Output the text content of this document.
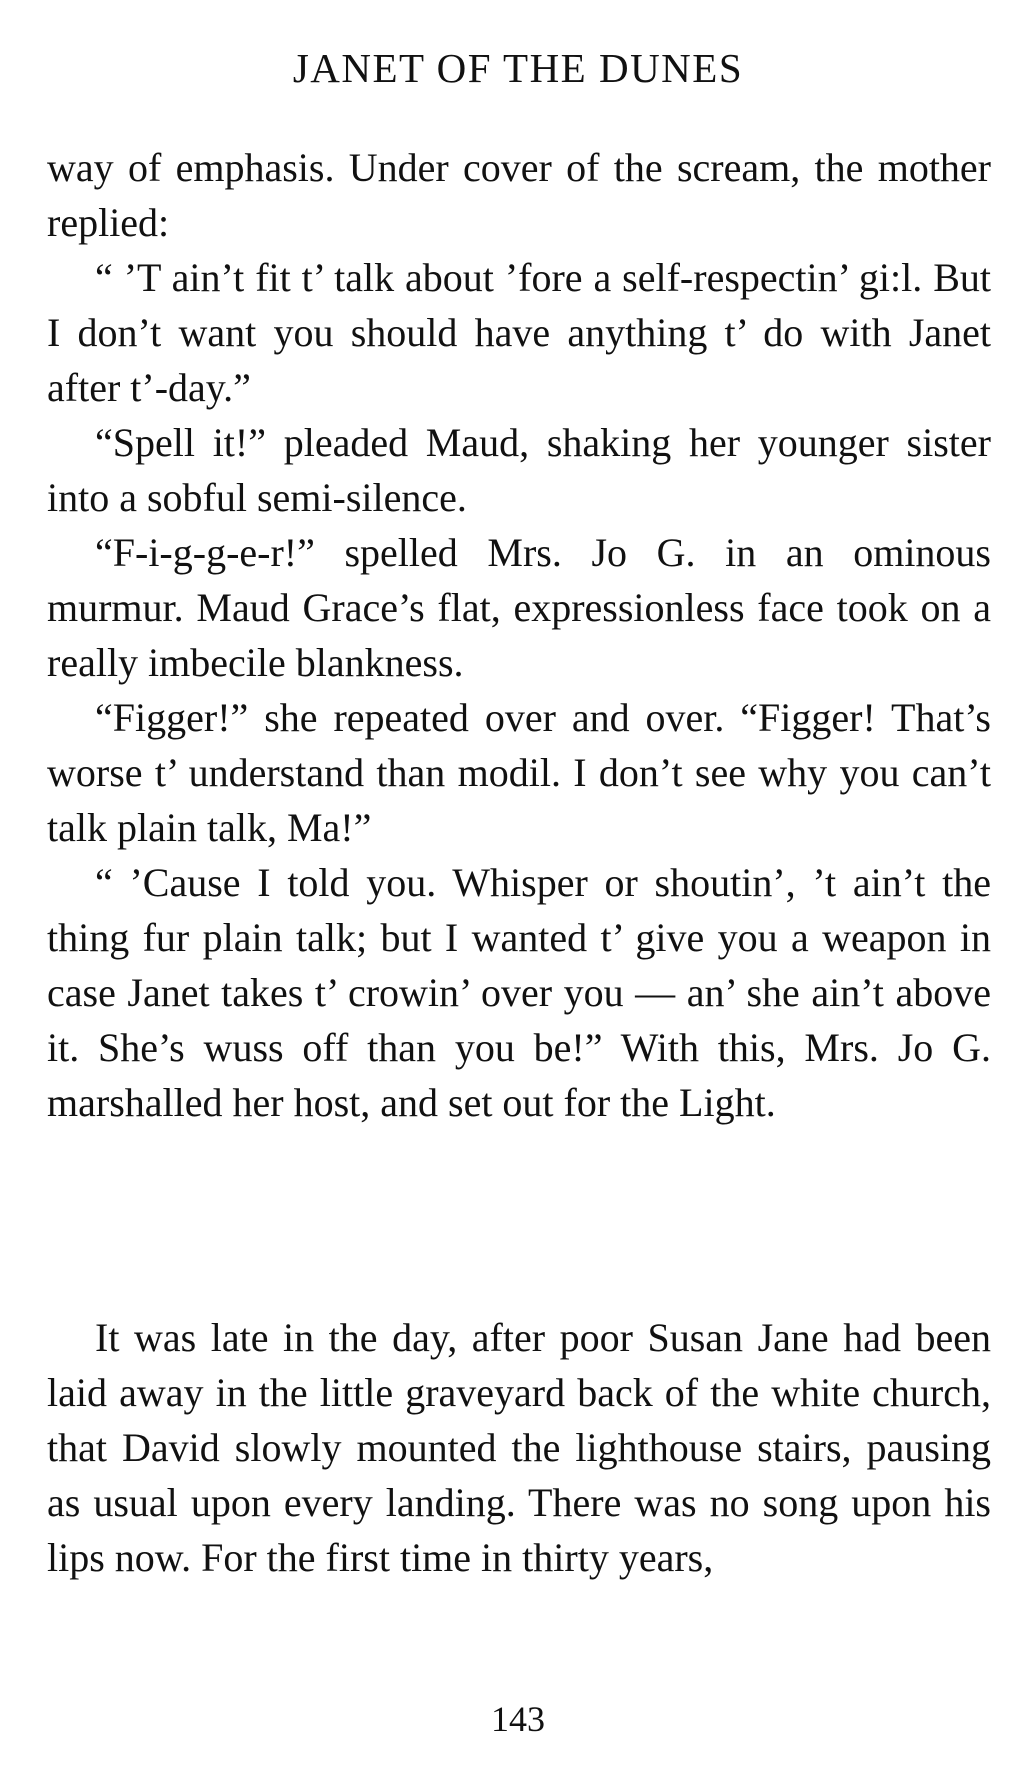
JANET OF THE DUNES

way of emphasis. Under cover of the scream, the mother replied:

“ ’T ain’t fit t’ talk about ’fore a self-respectin’ gi:l. But I don’t want you should have anything t’ do with Janet after t’-day.”

“Spell it!” pleaded Maud, shaking her younger sister into a sobful semi-silence.

“F-i-g-g-e-r!” spelled Mrs. Jo G. in an ominous murmur. Maud Grace’s flat, expressionless face took on a really imbecile blankness.

“Figger!” she repeated over and over. “Figger! That’s worse t’ understand than modil. I don’t see why you can’t talk plain talk, Ma!”

“ ’Cause I told you. Whisper or shoutin’, ’t ain’t the thing fur plain talk; but I wanted t’ give you a weapon in case Janet takes t’ crowin’ over you — an’ she ain’t above it. She’s wuss off than you be!” With this, Mrs. Jo G. marshalled her host, and set out for the Light.

It was late in the day, after poor Susan Jane had been laid away in the little graveyard back of the white church, that David slowly mounted the lighthouse stairs, pausing as usual upon every landing. There was no song upon his lips now. For the first time in thirty years,

143
